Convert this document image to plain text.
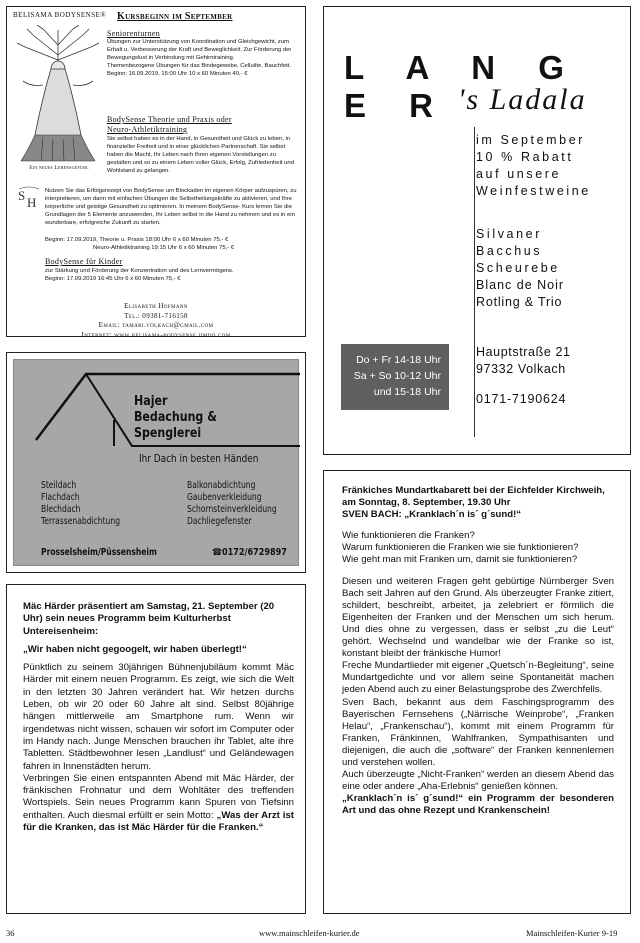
BELISAMA BODYSENSE® Kursbeginn im September
Ein neues Lebensgefühl
Seniorenturnen

Übungen zur Unterstützung von Koordination und Gleichgewicht, zum Erhalt u. Verbesserung der Kraft und Beweglichkeit. Zur Förderung der Bewegungslust in Verbindung mit Gehirntraining.

Themenbezogene Übungen für das Bindegewebe, Cellulite, Bauchfett.

Beginn: 16.09.2019, 15:00 Uhr 10 x 60 Minuten 40,- €

BodySense Theorie und Praxis oder
Neuro-Athletiktraining
Sie selbst haben es in der Hand, in Gesundheit und Glück zu leben, in finanzieller Freiheit und in einer glücklichen Partnerschaft. Sie selbst haben die Macht, Ihr Leben nach Ihren eigenen Vorstellungen zu gestalten und so zu einem Leben voller Glück, Erfolg, Zufriedenheit und Wohlstand zu gelangen.
S H
Nutzen Sie das Erfolgsrezept von BodySense um Blockaden im eigenen Körper aufzuspüren, zu interpretieren, um dann mit einfachen Übungen die Selbstheilungskräfte zu aktivieren, und Ihre körperliche und geistige Gesundheit zu optimieren. In meinem BodySense- Kurs lernen Sie die Grundlagen der 5 Elemente anzuwenden, Ihr Leben selbst in die Hand zu nehmen und es in ein wunderbare, erfolgreiche Zukunft zu starten.
Beginn: 17.09.2019, Theorie u. Praxis 18:00 Uhr 6 x 60 Minuten 75,- €
Neuro-Athletiktraining 19:15 Uhr 6 x 60 Minuten 75,- €
BodySense für Kinder
zur Stärkung und Förderung der Konzentration und des Lernvermögens.
Beginn: 17.09.2019 16:45 Uhr 6 x 60 Minuten 75,- €
Elisabeth Hofmann
Tel.: 09381-716158
Email: tamari.volkach@gmail.com
Internet: www.belisama-bodysense.jimdo.com
L A N G E R 's Ladala
im September
10 % Rabatt
auf unsere
Weinfestweine
Silvaner
Bacchus
Scheurebe
Blanc de Noir
Rotling & Trio
Do + Fr 14-18 Uhr
Sa + So 10-12 Uhr
und 15-18 Uhr
Hauptstraße 21
97332 Volkach
0171-7190624
Hajer
Bedachung & Spenglerei
Ihr Dach in besten Händen
Steildach
Flachdach
Blechdach
Terrassenabdichtung
Balkonabdichtung
Gaubenverkleidung
Schornsteinverkleidung
Dachliegefenster
Prosselsheim/Püssensheim	☎0172/6729897

Mäc Härder präsentiert am Samstag, 21. September (20 Uhr) sein neues Programm beim Kulturherbst Untereisenheim:

„Wir haben nicht gegoogelt, wir haben überlegt!“

Pünktlich zu seinem 30jährigen Bühnenjubiläum kommt Mäc Härder mit einem neuen Programm. Es zeigt, wie sich die Welt in den letzten 30 Jahren verändert hat. Wir hetzen durchs Leben, ob wir 20 oder 60 Jahre alt sind. Selbst 80jährige hängen mittlerweile am Smartphone rum. Wenn wir irgendetwas nicht wissen, schauen wir sofort im Computer oder im Handy nach. Junge Menschen brauchen ihr Tablet, alte ihre Tabletten. Städtbewohner lesen „Landlust“ und Geländewagen fahren in Innenstädten herum.

Verbringen Sie einen entspannten Abend mit Mäc Härder, der fränkischen Frohnatur und dem Wohltäter des treffenden Wortspiels. Sein neues Programm kann Spuren von Tiefsinn enthalten. Auch diesmal erfüllt er sein Motto: „Was der Arzt ist für die Kranken, das ist Mäc Härder für die Franken.“

Fränkiches Mundartkabarett bei der Eichfelder Kirchweih, am Sonntag, 8. September, 19.30 Uhr

SVEN BACH: „Kranklach´n is´ g´sund!“

Wie funktionieren die Franken?

Warum funktionieren die Franken wie sie funktionieren?

Wie geht man mit Franken um, damit sie funktionieren?

Diesen und weiteren Fragen geht gebürtige Nürnberger Sven Bach seit Jahren auf den Grund. Als überzeugter Franke zitiert, schildert, beschreibt, arbeitet, ja zelebriert er förmlich die Eigenheiten der Franken und der Menschen um sich herum. Und dies ohne zu vergessen, dass er selbst „zu die Leut“ gehört. Wechselnd und wandelbar wie der Franke so ist, konstant bleibt der fränkische Humor!

Freche Mundartlieder mit eigener „Quetsch´n-Begleitung“, seine Mundartgedichte und vor allem seine Spontaneität machen jeden Abend auch zu einer Belastungsprobe des Zwerchfells.

Sven Bach, bekannt aus dem Faschingsprogramm des Bayerischen Fernsehens („Närrische Weinprobe“, „Franken Helau“, „Frankenschau“), kommt mit einem Programm für Franken, Fränkinnen, Wahlfranken, Sympathisanten und diejenigen, die auch die „software“ der Franken kennenlernen und verstehen wollen.

Auch überzeugte „Nicht-Franken“ werden an diesem Abend das eine oder andere „Aha-Erlebnis“ genießen können.

„Kranklach´n is´ g´sund!“ ein Programm der besonderen Art und das ohne Rezept und Krankenschein!

36	www.mainschleifen-kurier.de	Mainschleifen-Kurier 9-19
